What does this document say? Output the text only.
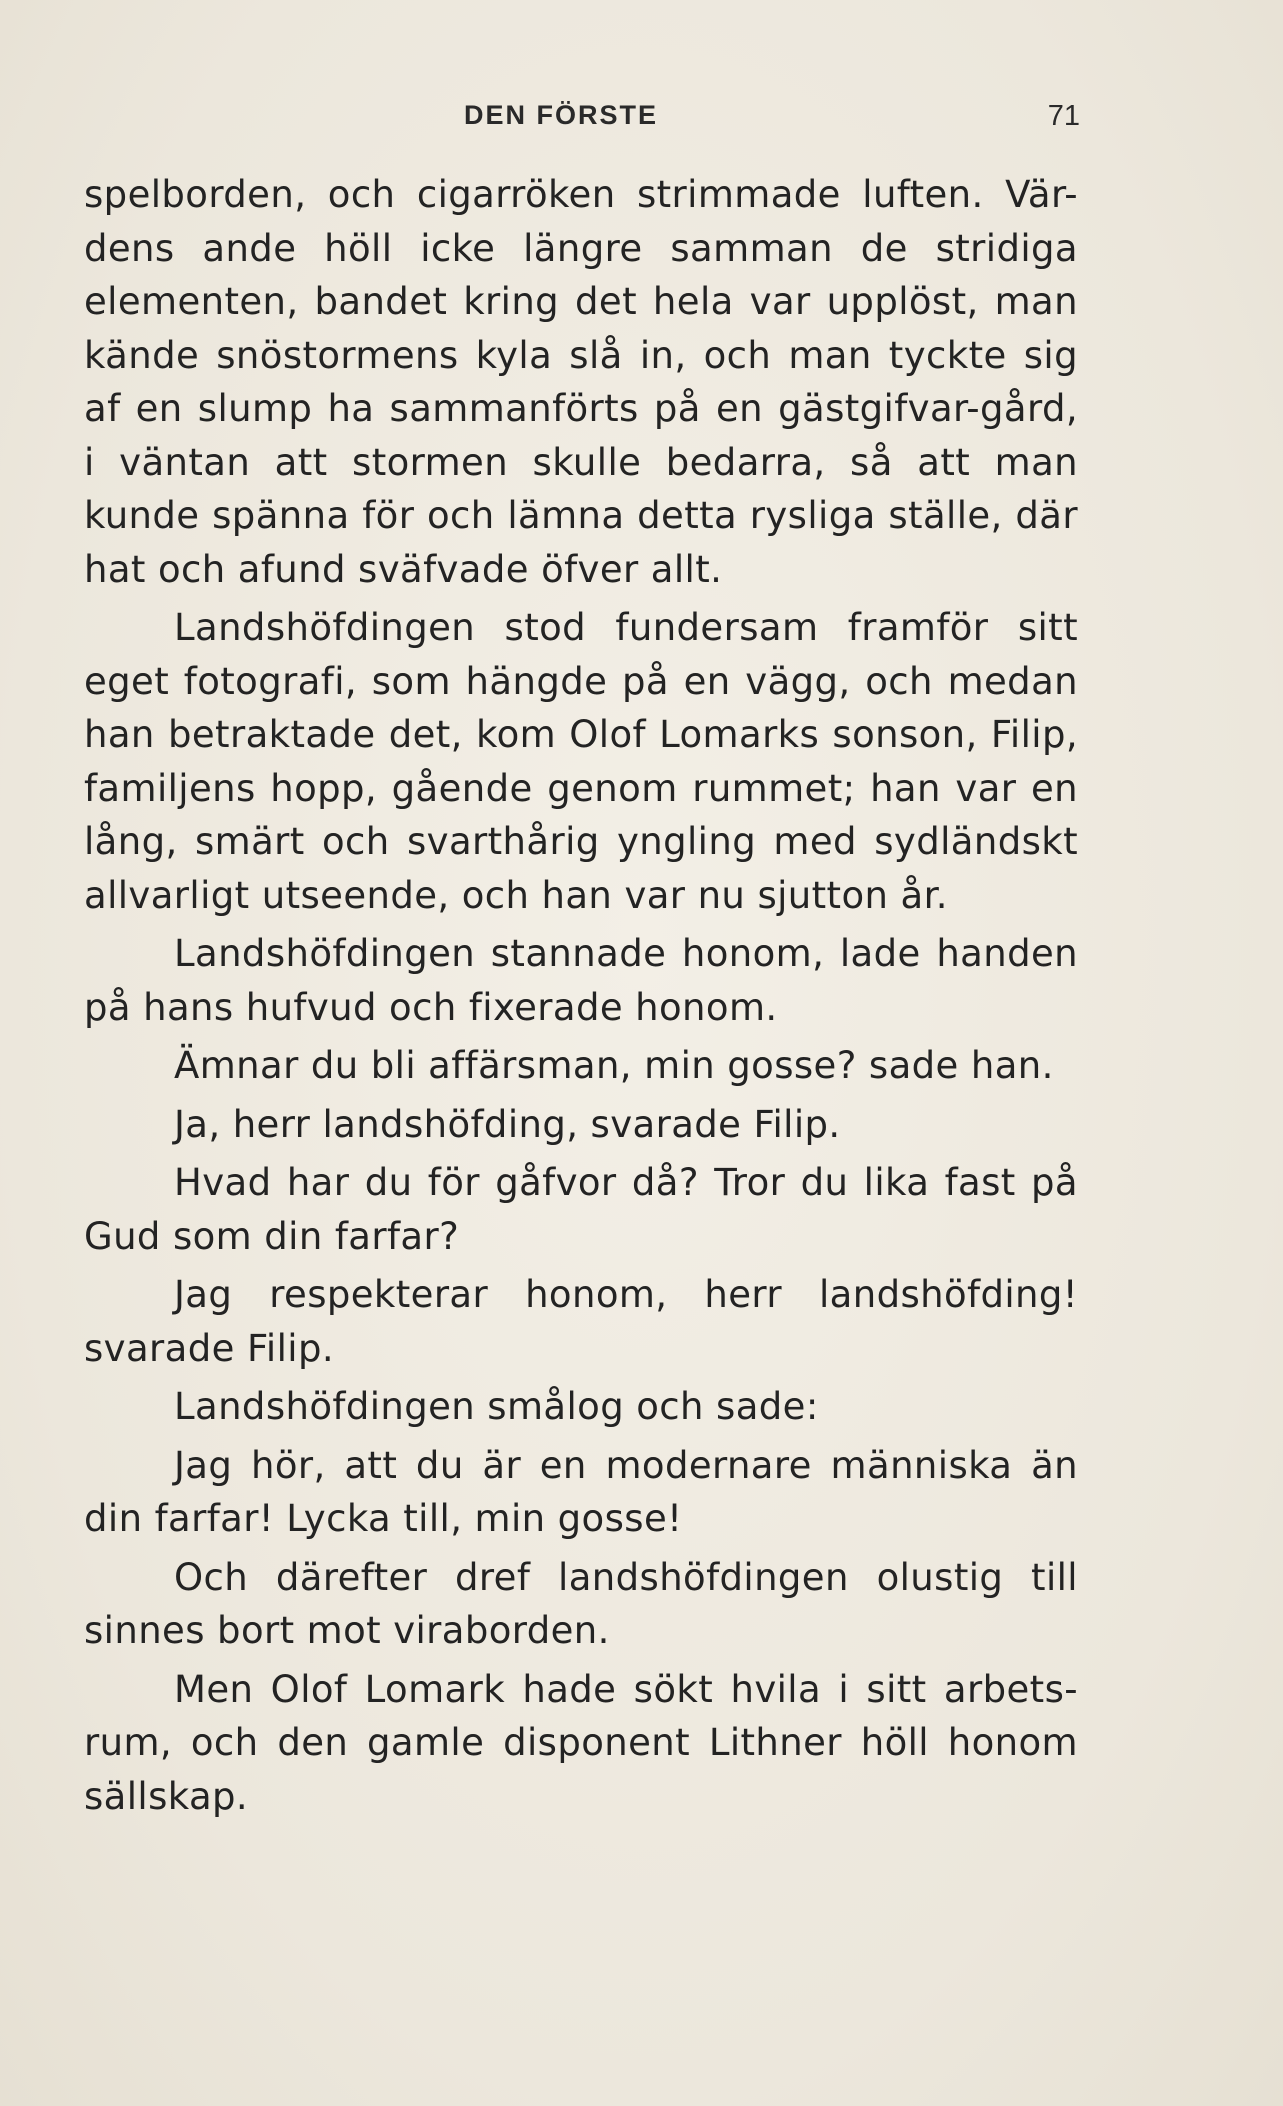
DEN FÖRSTE	71

spelborden, och cigarröken strimmade luften. Vär-dens ande höll icke längre samman de stridiga elementen, bandet kring det hela var upplöst, man kände snöstormens kyla slå in, och man tyckte sig af en slump ha sammanförts på en gästgifvar-gård, i väntan att stormen skulle bedarra, så att man kunde spänna för och lämna detta rysliga ställe, där hat och afund sväfvade öfver allt.

Landshöfdingen stod fundersam framför sitt eget fotografi, som hängde på en vägg, och medan han betraktade det, kom Olof Lomarks sonson, Filip, familjens hopp, gående genom rummet; han var en lång, smärt och svarthårig yngling med sydländskt allvarligt utseende, och han var nu sjutton år.

Landshöfdingen stannade honom, lade handen på hans hufvud och fixerade honom.

Ämnar du bli affärsman, min gosse? sade han.

Ja, herr landshöfding, svarade Filip.

Hvad har du för gåfvor då? Tror du lika fast på Gud som din farfar?

Jag respekterar honom, herr landshöfding! svarade Filip.

Landshöfdingen smålog och sade:

Jag hör, att du är en modernare människa än din farfar! Lycka till, min gosse!

Och därefter dref landshöfdingen olustig till sinnes bort mot viraborden.

Men Olof Lomark hade sökt hvila i sitt arbets-rum, och den gamle disponent Lithner höll honom sällskap.
